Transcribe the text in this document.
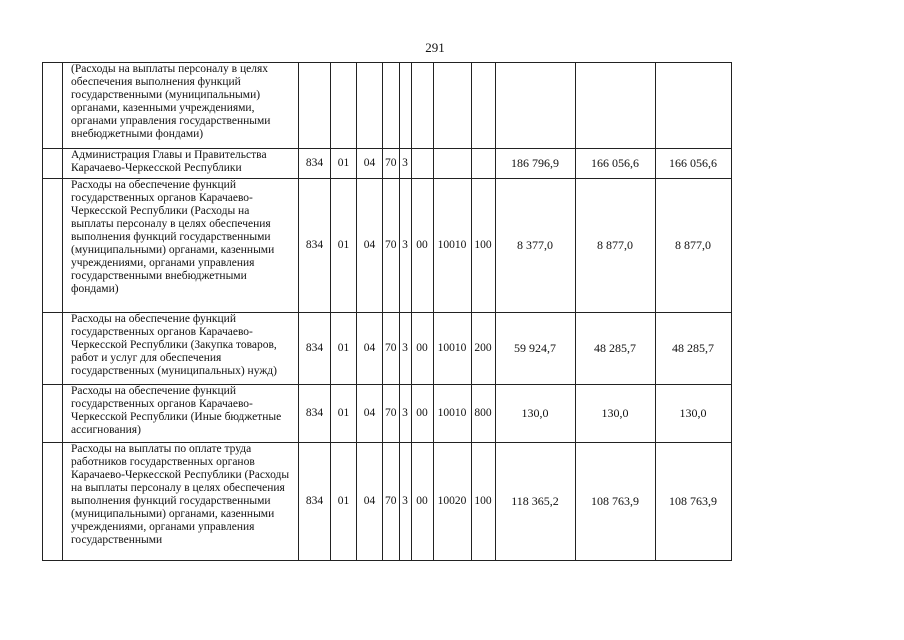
291
	(Расходы на выплаты персоналу в целях обеспечения выполнения функций государственными (муниципальными) органами, казенными учреждениями, органами управления государственными внебюджетными фондами)											
	Администрация Главы и Правительства Карачаево-Черкесской Республики	834	01	04	70	3				186 796,9	166 056,6	166 056,6
	Расходы на обеспечение функций государственных органов Карачаево-Черкесской Республики (Расходы на выплаты персоналу в целях обеспечения выполнения функций государственными (муниципальными) органами, казенными учреждениями, органами управления государственными внебюджетными фондами)	834	01	04	70	3	00	10010	100	8 377,0	8 877,0	8 877,0
	Расходы на обеспечение функций государственных органов Карачаево-Черкесской Республики (Закупка товаров, работ и услуг для обеспечения государственных (муниципальных) нужд)	834	01	04	70	3	00	10010	200	59 924,7	48 285,7	48 285,7
	Расходы на обеспечение функций государственных органов Карачаево-Черкесской Республики (Иные бюджетные ассигнования)	834	01	04	70	3	00	10010	800	130,0	130,0	130,0
	Расходы на выплаты по оплате труда работников государственных органов Карачаево-Черкесской Республики (Расходы на выплаты персоналу в целях обеспечения выполнения функций государственными (муниципальными) органами, казенными учреждениями, органами управления государственными	834	01	04	70	3	00	10020	100	118 365,2	108 763,9	108 763,9
